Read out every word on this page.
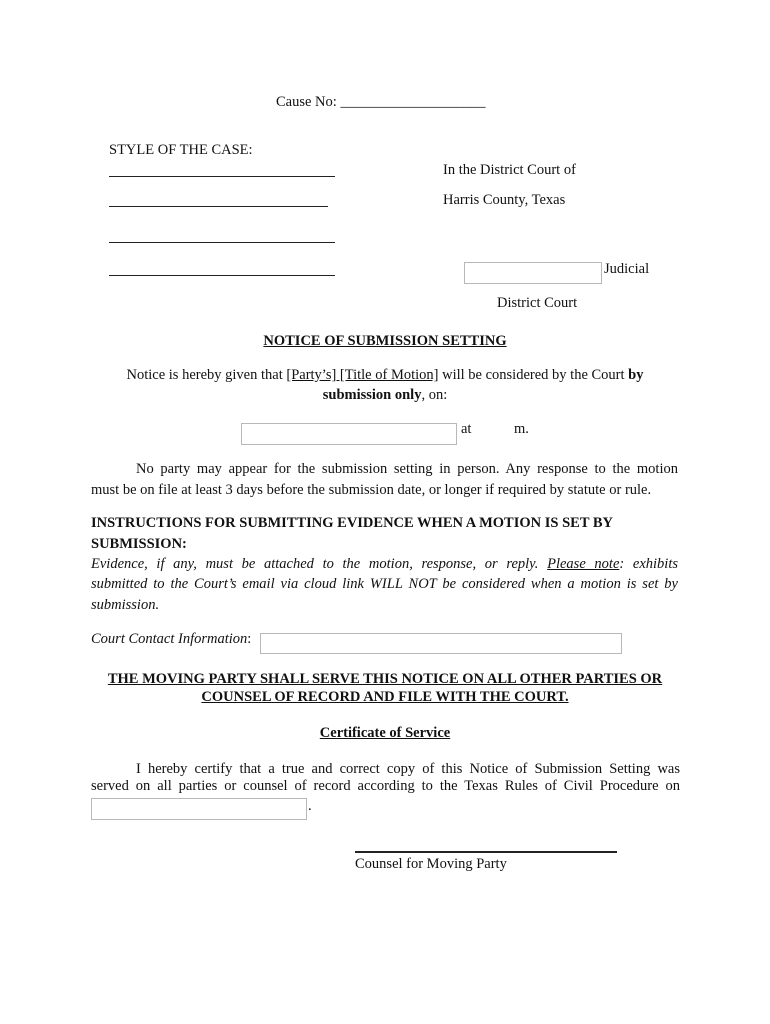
Cause No: ____________________
STYLE OF THE CASE:
In the District Court of
Harris County, Texas
Judicial
District Court
NOTICE OF SUBMISSION SETTING
Notice is hereby given that [Party’s] [Title of Motion] will be considered by the Court by
submission only, on:
at	m.
No party may appear for the submission setting in person. Any response to the motion
must be on file at least 3 days before the submission date, or longer if required by statute or rule.
INSTRUCTIONS FOR SUBMITTING EVIDENCE WHEN A MOTION IS SET BY
SUBMISSION:
Evidence, if any, must be attached to the motion, response, or reply. Please note: exhibits
submitted to the Court’s email via cloud link WILL NOT be considered when a motion is set by
submission.
Court Contact Information:
THE MOVING PARTY SHALL SERVE THIS NOTICE ON ALL OTHER PARTIES OR
COUNSEL OF RECORD AND FILE WITH THE COURT.
Certificate of Service
I hereby certify that a true and correct copy of this Notice of Submission Setting was
served on all parties or counsel of record according to the Texas Rules of Civil Procedure on
.
Counsel for Moving Party
